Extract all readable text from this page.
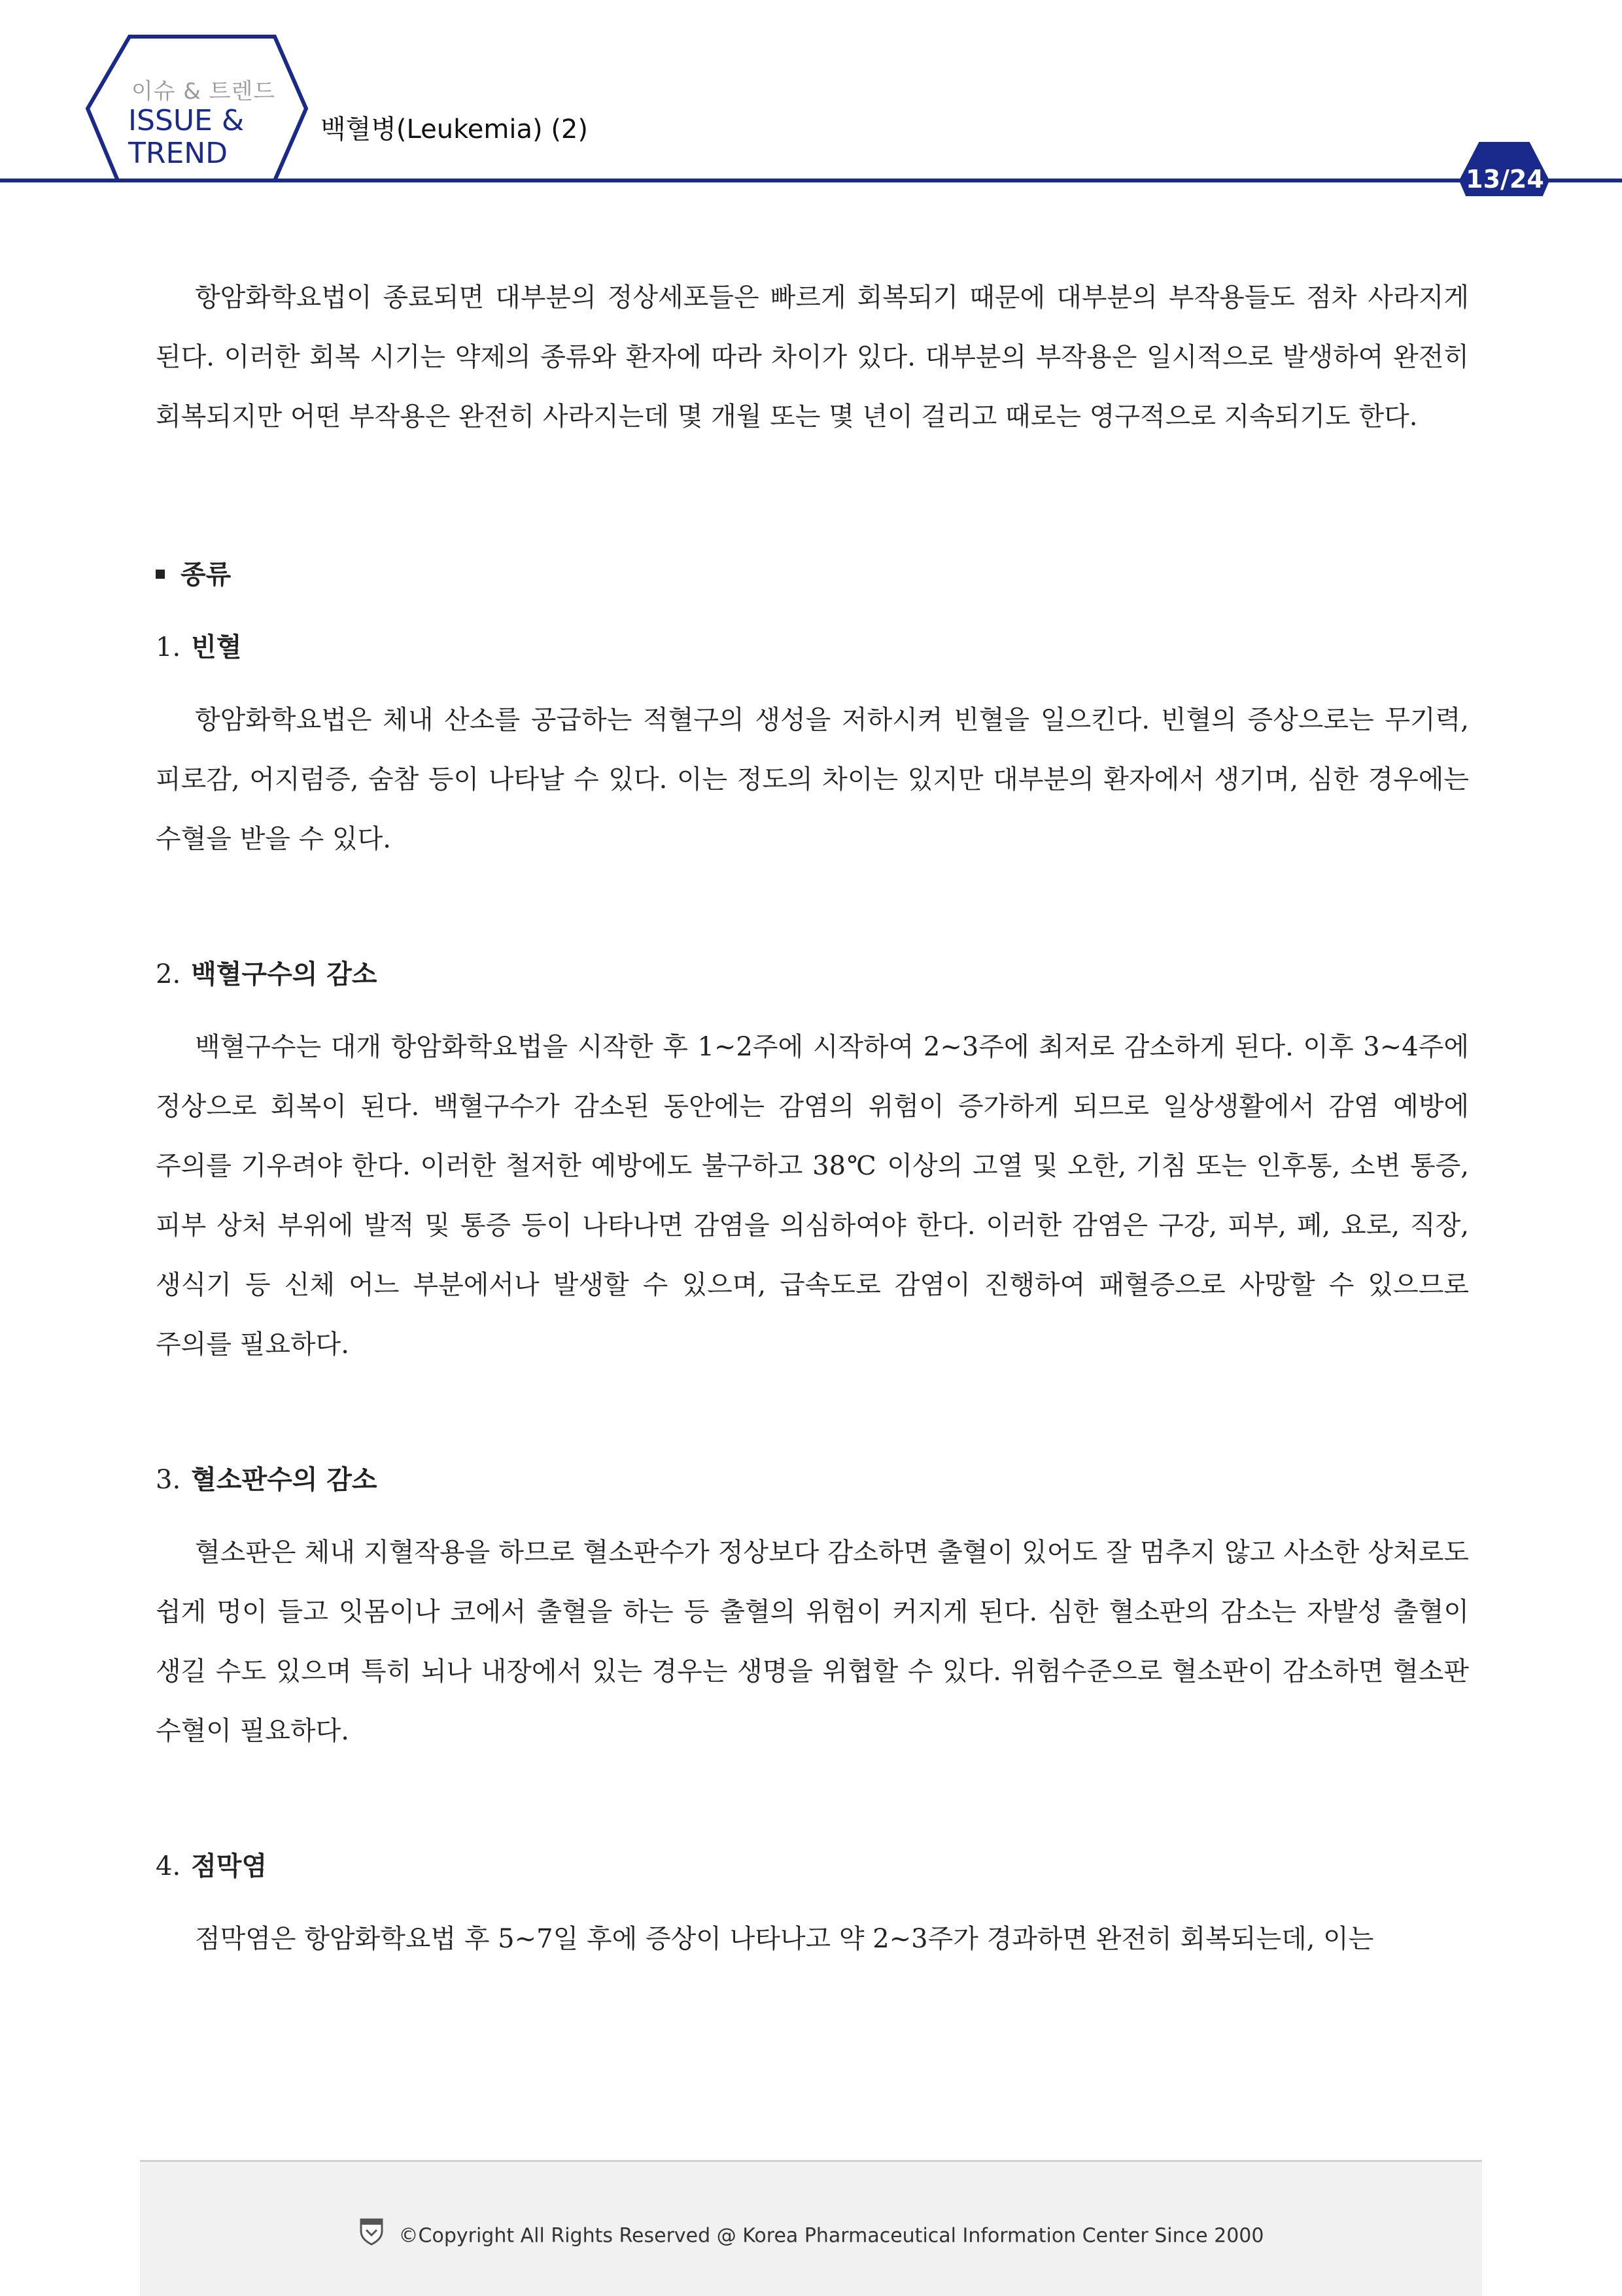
이슈 & 트렌드
ISSUE &
TREND
백혈병(Leukemia) (2)
13/24

항암화학요법이 종료되면 대부분의 정상세포들은 빠르게 회복되기 때문에 대부분의 부작용들도 점차 사라지게 된다. 이러한 회복 시기는 약제의 종류와 환자에 따라 차이가 있다. 대부분의 부작용은 일시적으로 발생하여 완전히 회복되지만 어떤 부작용은 완전히 사라지는데 몇 개월 또는 몇 년이 걸리고 때로는 영구적으로 지속되기도 한다.

종류

1. 빈혈

항암화학요법은 체내 산소를 공급하는 적혈구의 생성을 저하시켜 빈혈을 일으킨다. 빈혈의 증상으로는 무기력, 피로감, 어지럼증, 숨참 등이 나타날 수 있다. 이는 정도의 차이는 있지만 대부분의 환자에서 생기며, 심한 경우에는 수혈을 받을 수 있다.

2. 백혈구수의 감소

백혈구수는 대개 항암화학요법을 시작한 후 1~2주에 시작하여 2~3주에 최저로 감소하게 된다. 이후 3~4주에 정상으로 회복이 된다. 백혈구수가 감소된 동안에는 감염의 위험이 증가하게 되므로 일상생활에서 감염 예방에 주의를 기우려야 한다. 이러한 철저한 예방에도 불구하고 38℃ 이상의 고열 및 오한, 기침 또는 인후통, 소변 통증, 피부 상처 부위에 발적 및 통증 등이 나타나면 감염을 의심하여야 한다. 이러한 감염은 구강, 피부, 폐, 요로, 직장, 생식기 등 신체 어느 부분에서나 발생할 수 있으며, 급속도로 감염이 진행하여 패혈증으로 사망할 수 있으므로 주의를 필요하다.

3. 혈소판수의 감소

혈소판은 체내 지혈작용을 하므로 혈소판수가 정상보다 감소하면 출혈이 있어도 잘 멈추지 않고 사소한 상처로도 쉽게 멍이 들고 잇몸이나 코에서 출혈을 하는 등 출혈의 위험이 커지게 된다. 심한 혈소판의 감소는 자발성 출혈이 생길 수도 있으며 특히 뇌나 내장에서 있는 경우는 생명을 위협할 수 있다. 위험수준으로 혈소판이 감소하면 혈소판 수혈이 필요하다.

4. 점막염

점막염은 항암화학요법 후 5~7일 후에 증상이 나타나고 약 2~3주가 경과하면 완전히 회복되는데, 이는

©Copyright All Rights Reserved @ Korea Pharmaceutical Information Center Since 2000
